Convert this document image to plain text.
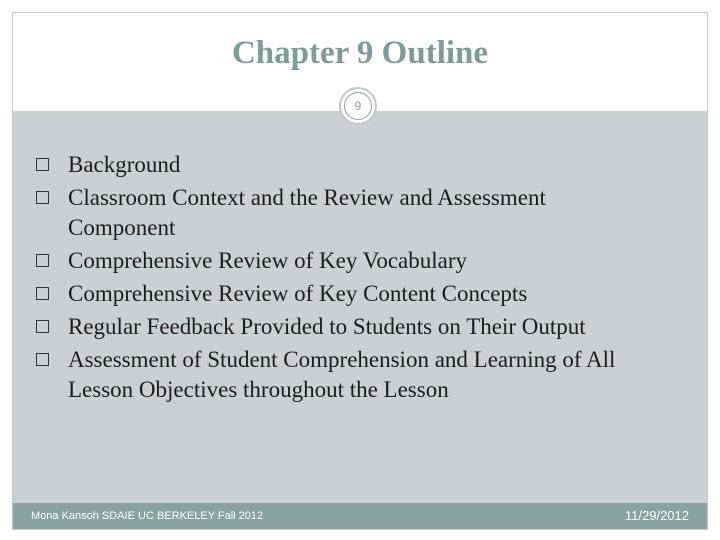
Chapter 9 Outline
9
Mona Kansoh SDAIE UC BERKELEY Fall 2012	11/29/2012
Background
Classroom Context and the Review and Assessment Component
Comprehensive Review of Key Vocabulary
Comprehensive Review of Key Content Concepts
Regular Feedback Provided to Students on Their Output
Assessment of Student Comprehension and Learning of All Lesson Objectives throughout the Lesson
